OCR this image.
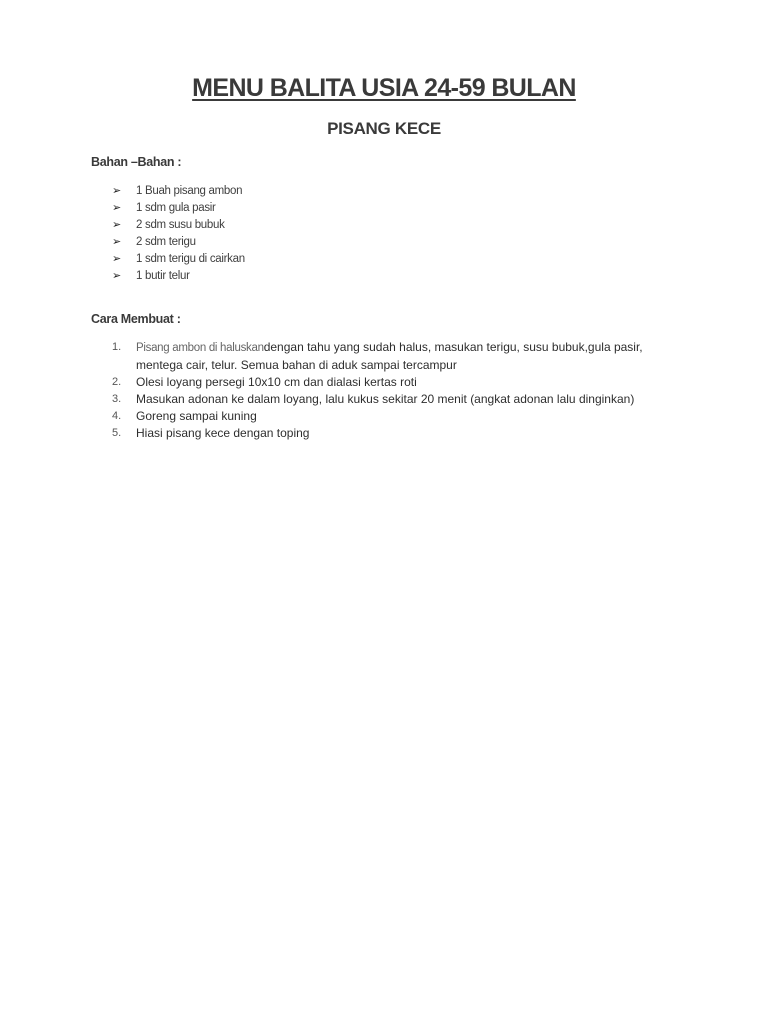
MENU BALITA USIA 24-59 BULAN
PISANG KECE
Bahan –Bahan :
➢	1 Buah pisang ambon
➢	1 sdm gula pasir
➢	2 sdm susu bubuk
➢	2 sdm terigu
➢	1 sdm terigu di cairkan
➢	1 butir telur
Cara Membuat :
1.	Pisang ambon di haluskandengan tahu yang sudah halus, masukan terigu, susu bubuk,gula pasir, mentega cair, telur. Semua bahan di aduk sampai tercampur
2.	Olesi loyang persegi 10x10 cm dan dialasi kertas roti
3.	Masukan adonan ke dalam loyang, lalu kukus sekitar 20 menit (angkat adonan lalu dinginkan)
4.	Goreng sampai kuning
5.	Hiasi pisang kece dengan toping
